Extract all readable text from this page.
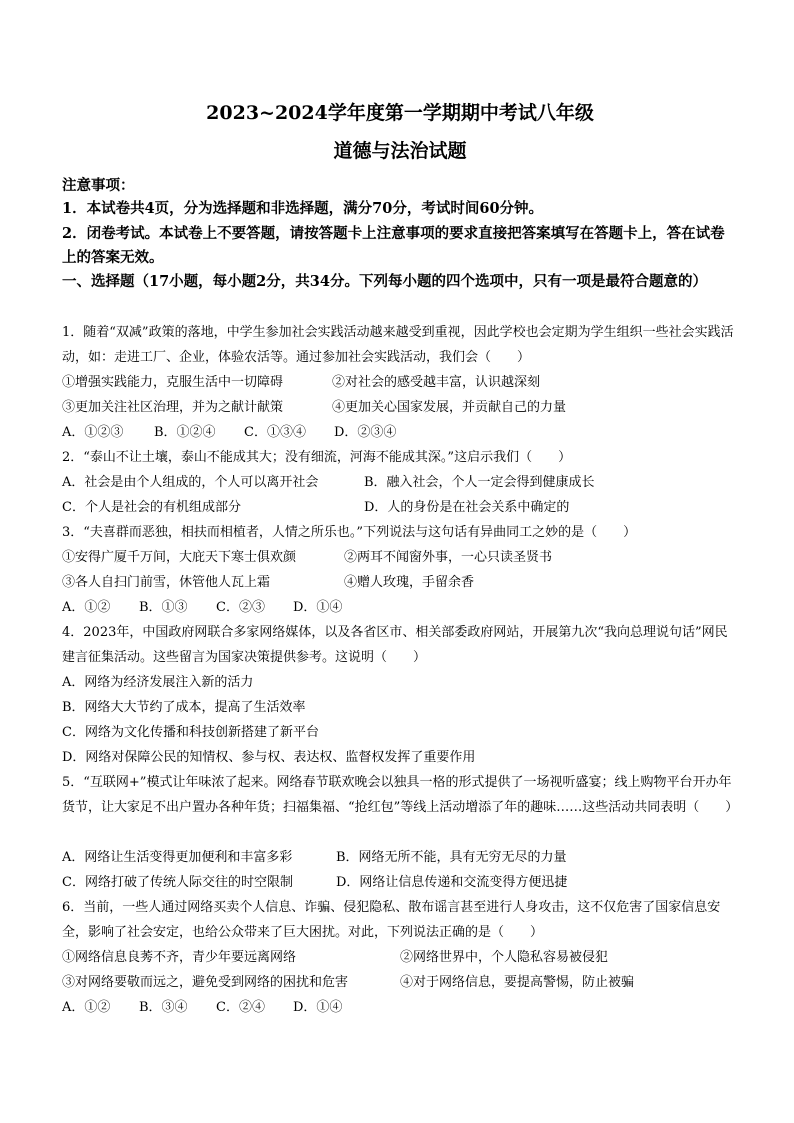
2023~2024学年度第一学期期中考试八年级
道德与法治试题
注意事项：
1．本试卷共4页，分为选择题和非选择题，满分70分，考试时间60分钟。
2．闭卷考试。本试卷上不要答题，请按答题卡上注意事项的要求直接把答案填写在答题卡上，答在试卷上的答案无效。
一、选择题（17小题，每小题2分，共34分。下列每小题的四个选项中，只有一项是最符合题意的）
1．随着“双减”政策的落地，中学生参加社会实践活动越来越受到重视，因此学校也会定期为学生组织一些社会实践活动，如：走进工厂、企业，体验农活等。通过参加社会实践活动，我们会（　　）
①增强实践能力，克服生活中一切障碍	②对社会的感受越丰富，认识越深刻
③更加关注社区治理，并为之献计献策	④更加关心国家发展，并贡献自己的力量
A．①②③ B．①②④ C．①③④ D．②③④
2．“泰山不让土壤，泰山不能成其大；没有细流，河海不能成其深。”这启示我们（　　）
A．社会是由个人组成的，个人可以离开社会	B．融入社会，个人一定会得到健康成长
C．个人是社会的有机组成部分	D．人的身份是在社会关系中确定的
3．“夫喜群而恶独，相扶而相植者，人情之所乐也。”下列说法与这句话有异曲同工之妙的是（　　）
①安得广厦千万间，大庇天下寒士俱欢颜	②两耳不闻窗外事，一心只读圣贤书
③各人自扫门前雪，休管他人瓦上霜	④赠人玫瑰，手留余香
A．①② B．①③ C．②③ D．①④
4．2023年，中国政府网联合多家网络媒体，以及各省区市、相关部委政府网站，开展第九次“我向总理说句话”网民建言征集活动。这些留言为国家决策提供参考。这说明（　　）
A．网络为经济发展注入新的活力
B．网络大大节约了成本，提高了生活效率
C．网络为文化传播和科技创新搭建了新平台
D．网络对保障公民的知情权、参与权、表达权、监督权发挥了重要作用
5．“互联网+”模式让年味浓了起来。网络春节联欢晚会以独具一格的形式提供了一场视听盛宴；线上购物平台开办年货节，让大家足不出户置办各种年货；扫福集福、“抢红包”等线上活动增添了年的趣味……这些活动共同表明（　　）
A．网络让生活变得更加便利和丰富多彩	B．网络无所不能，具有无穷无尽的力量
C．网络打破了传统人际交往的时空限制	D．网络让信息传递和交流变得方便迅捷
6．当前，一些人通过网络买卖个人信息、诈骗、侵犯隐私、散布谣言甚至进行人身攻击，这不仅危害了国家信息安全，影响了社会安定，也给公众带来了巨大困扰。对此，下列说法正确的是（　　）
①网络信息良莠不齐，青少年要远离网络	②网络世界中，个人隐私容易被侵犯
③对网络要敬而远之，避免受到网络的困扰和危害	④对于网络信息，要提高警惕，防止被骗
A．①② B．③④ C．②④ D．①④
